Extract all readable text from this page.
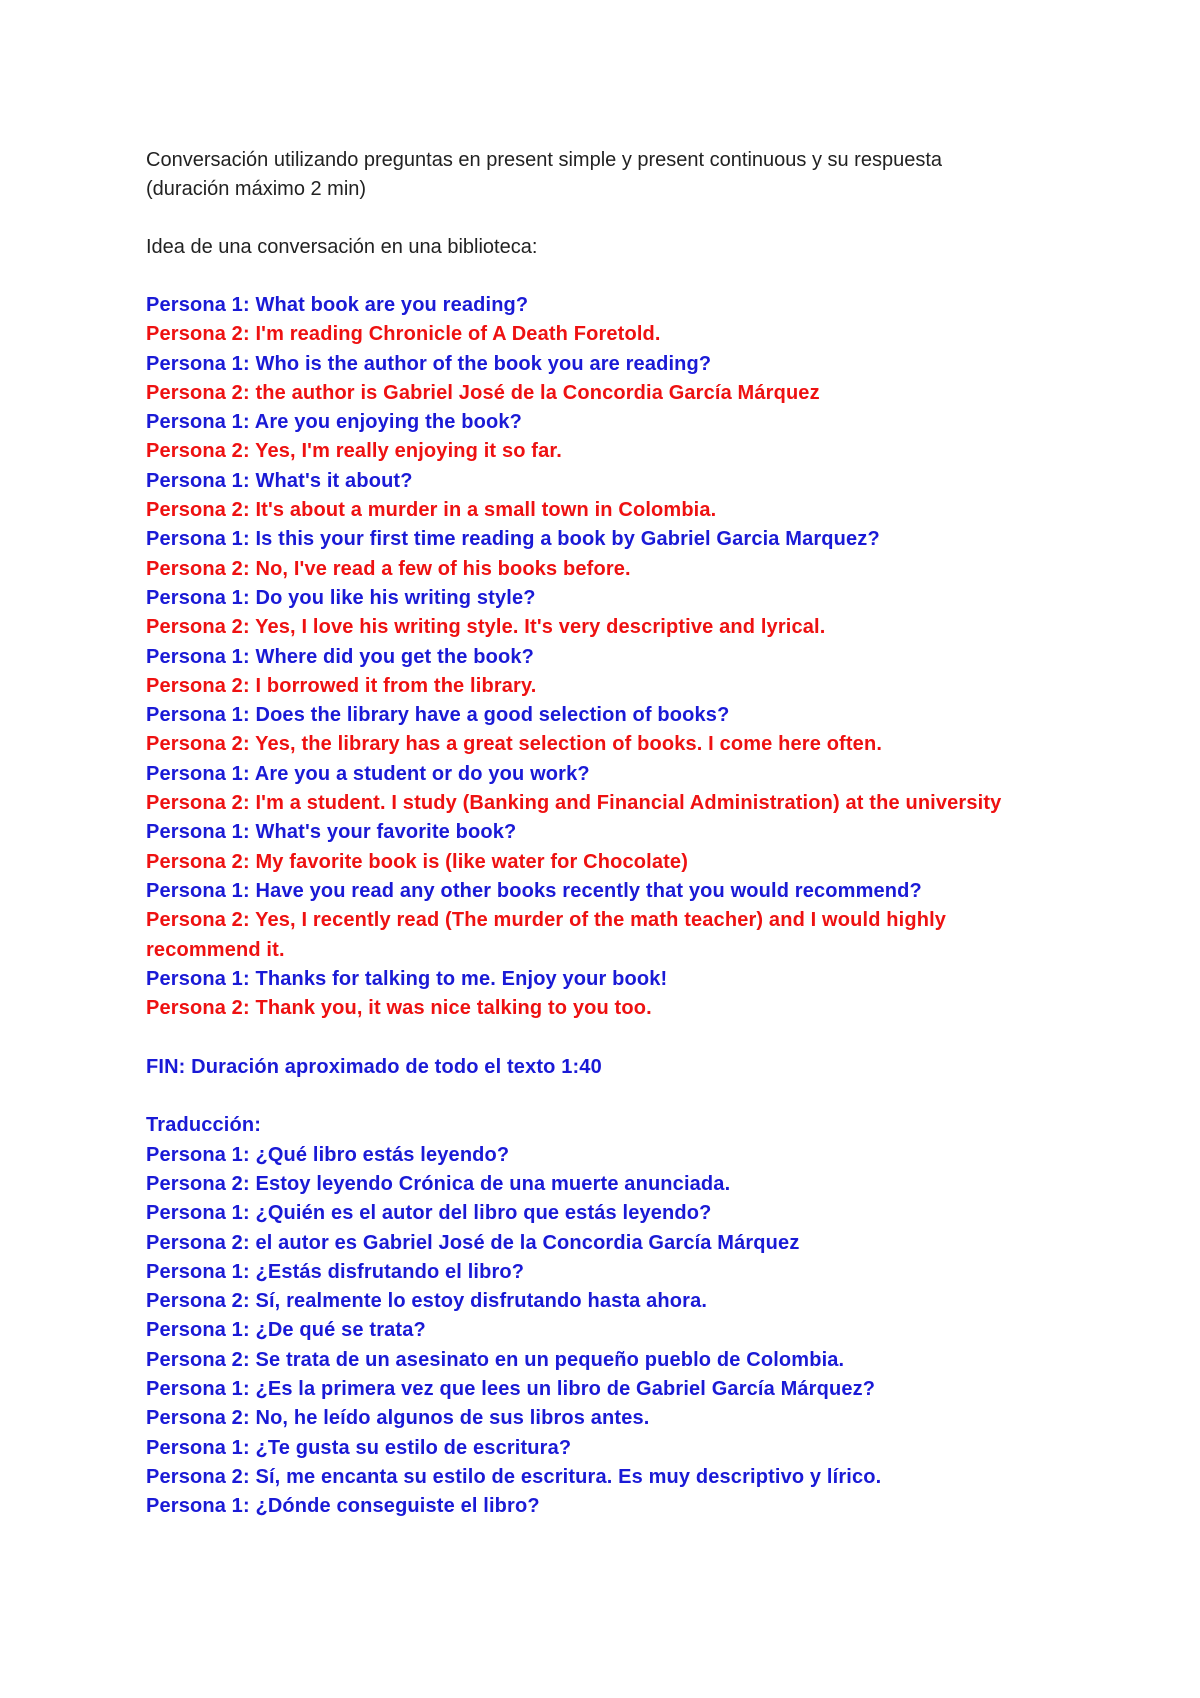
Conversación utilizando preguntas en present simple y present continuous y su respuesta

(duración máximo 2 min)

Idea de una conversación en una biblioteca:

Persona 1: What book are you reading?

Persona 2: I'm reading Chronicle of A Death Foretold.

Persona 1: Who is the author of the book you are reading?

Persona 2: the author is Gabriel José de la Concordia García Márquez

Persona 1: Are you enjoying the book?

Persona 2: Yes, I'm really enjoying it so far.

Persona 1: What's it about?

Persona 2: It's about a murder in a small town in Colombia.

Persona 1: Is this your first time reading a book by Gabriel Garcia Marquez?

Persona 2: No, I've read a few of his books before.

Persona 1: Do you like his writing style?

Persona 2: Yes, I love his writing style. It's very descriptive and lyrical.

Persona 1: Where did you get the book?

Persona 2: I borrowed it from the library.

Persona 1: Does the library have a good selection of books?

Persona 2: Yes, the library has a great selection of books. I come here often.

Persona 1: Are you a student or do you work?

Persona 2: I'm a student. I study (Banking and Financial Administration) at the university

Persona 1: What's your favorite book?

Persona 2: My favorite book is (like water for Chocolate)

Persona 1: Have you read any other books recently that you would recommend?

Persona 2: Yes, I recently read (The murder of the math teacher) and I would highly recommend it.

Persona 1: Thanks for talking to me. Enjoy your book!

Persona 2: Thank you, it was nice talking to you too.

FIN: Duración aproximado de todo el texto 1:40

Traducción:

Persona 1: ¿Qué libro estás leyendo?

Persona 2: Estoy leyendo Crónica de una muerte anunciada.

Persona 1: ¿Quién es el autor del libro que estás leyendo?

Persona 2: el autor es Gabriel José de la Concordia García Márquez

Persona 1: ¿Estás disfrutando el libro?

Persona 2: Sí, realmente lo estoy disfrutando hasta ahora.

Persona 1: ¿De qué se trata?

Persona 2: Se trata de un asesinato en un pequeño pueblo de Colombia.

Persona 1: ¿Es la primera vez que lees un libro de Gabriel García Márquez?

Persona 2: No, he leído algunos de sus libros antes.

Persona 1: ¿Te gusta su estilo de escritura?

Persona 2: Sí, me encanta su estilo de escritura. Es muy descriptivo y lírico.

Persona 1: ¿Dónde conseguiste el libro?
